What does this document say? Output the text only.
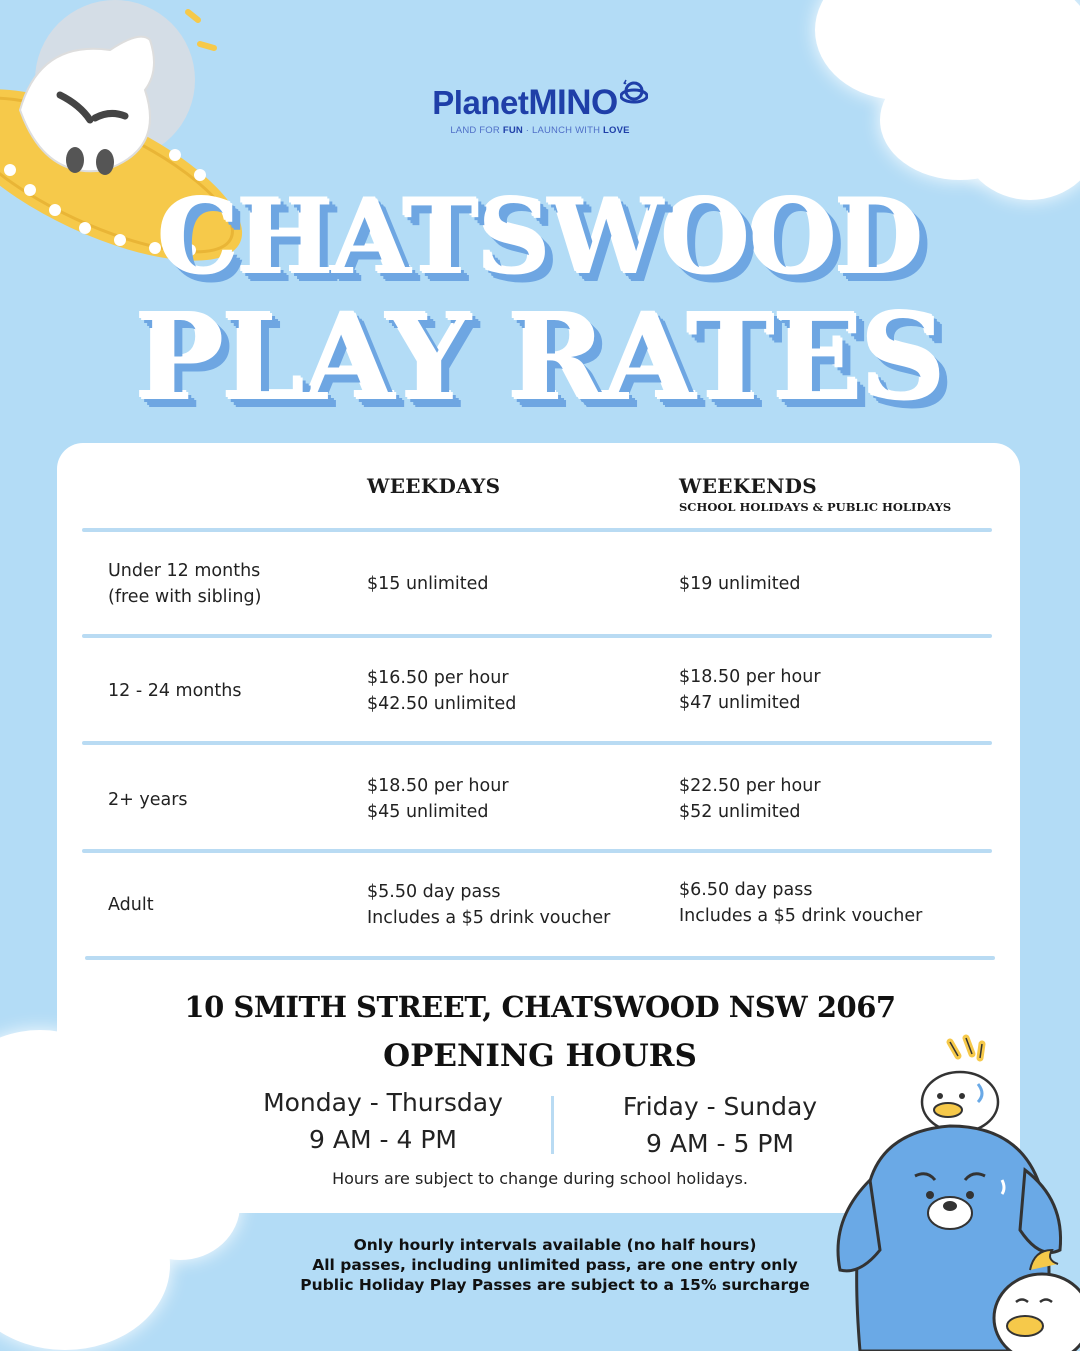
PlanetMINO
LAND FOR FUN · LAUNCH WITH LOVE
CHATSWOOD
PLAY RATES
WEEKDAYS	WEEKENDS
SCHOOL HOLIDAYS & PUBLIC HOLIDAYS
Under 12 months
(free with sibling)
$15 unlimited	$19 unlimited
12 - 24 months
$16.50 per hour
$42.50 unlimited
$18.50 per hour
$47 unlimited
2+ years
$18.50 per hour
$45 unlimited
$22.50 per hour
$52 unlimited
Adult
$5.50 day pass
Includes a $5 drink voucher
$6.50 day pass
Includes a $5 drink voucher
10 SMITH STREET, CHATSWOOD NSW 2067
OPENING HOURS
Monday - Thursday
9 AM - 4 PM
Friday - Sunday
9 AM - 5 PM
Hours are subject to change during school holidays.
Only hourly intervals available (no half hours)
All passes, including unlimited pass, are one entry only
Public Holiday Play Passes are subject to a 15% surcharge
